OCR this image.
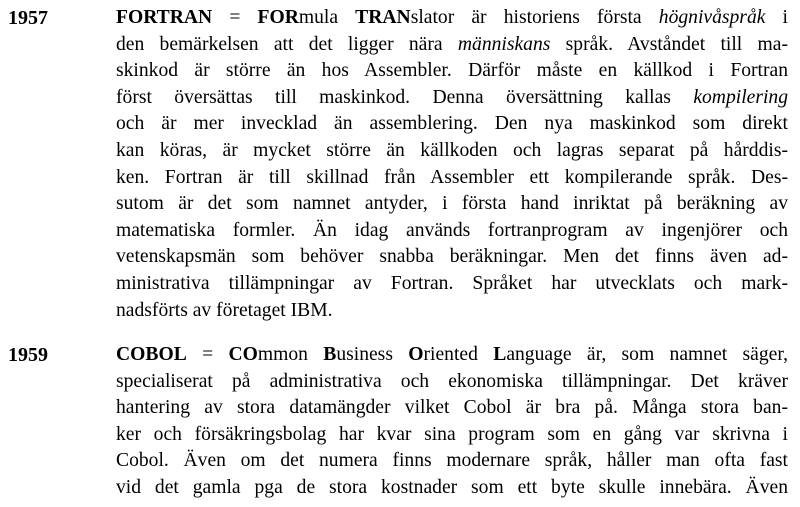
1957	FORTRAN = FORmula TRANslator är historiens första högnivåspråk i
den bemärkelsen att det ligger nära människans språk. Avståndet till ma-
skinkod är större än hos Assembler. Därför måste en källkod i Fortran
först översättas till maskinkod. Denna översättning kallas kompilering
och är mer invecklad än assemblering. Den nya maskinkod som direkt
kan köras, är mycket större än källkoden och lagras separat på hårddis-
ken. Fortran är till skillnad från Assembler ett kompilerande språk. Des-
sutom är det som namnet antyder, i första hand inriktat på beräkning av
matematiska formler. Än idag används fortranprogram av ingenjörer och
vetenskapsmän som behöver snabba beräkningar. Men det finns även ad-
ministrativa tillämpningar av Fortran. Språket har utvecklats och mark-
nadsförts av företaget IBM.
1959	COBOL = COmmon Business Oriented Language är, som namnet säger,
specialiserat på administrativa och ekonomiska tillämpningar. Det kräver
hantering av stora datamängder vilket Cobol är bra på. Många stora ban-
ker och försäkringsbolag har kvar sina program som en gång var skrivna i
Cobol. Även om det numera finns modernare språk, håller man ofta fast
vid det gamla pga de stora kostnader som ett byte skulle innebära. Även
